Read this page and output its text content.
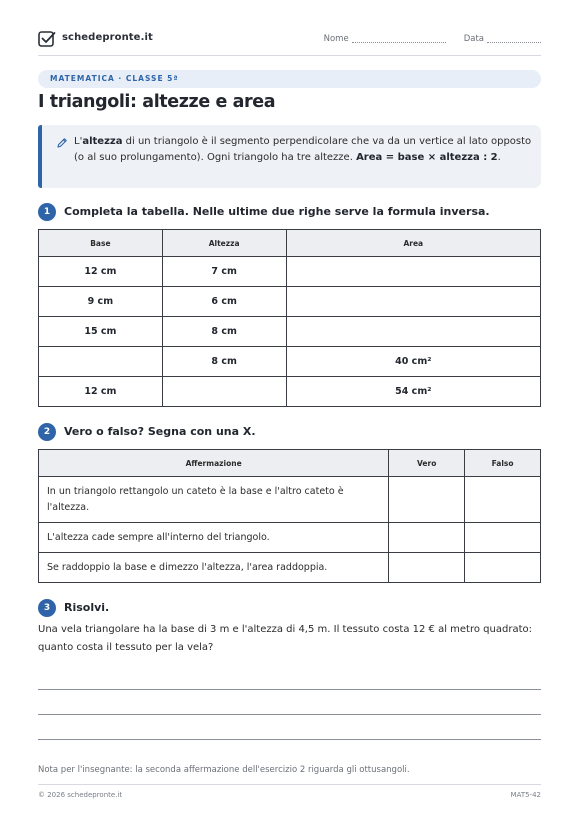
schedepronte.it	Nome	Data
MATEMATICA · CLASSE 5ª
I triangoli: altezze e area
L'altezza di un triangolo è il segmento perpendicolare che va da un vertice al lato opposto (o al suo prolungamento). Ogni triangolo ha tre altezze. Area = base × altezza : 2.
1	Completa la tabella. Nelle ultime due righe serve la formula inversa.
Base	Altezza	Area
12 cm	7 cm	
9 cm	6 cm	
15 cm	8 cm	
	8 cm	40 cm²
12 cm		54 cm²
2	Vero o falso? Segna con una X.
Affermazione	Vero	Falso
In un triangolo rettangolo un cateto è la base e l'altro cateto è l'altezza.		
L'altezza cade sempre all'interno del triangolo.		
Se raddoppio la base e dimezzo l'altezza, l'area raddoppia.		
3	Risolvi.
Una vela triangolare ha la base di 3 m e l'altezza di 4,5 m. Il tessuto costa 12 € al metro quadrato: quanto costa il tessuto per la vela?
Nota per l'insegnante: la seconda affermazione dell'esercizio 2 riguarda gli ottusangoli.
© 2026 schedepronte.it	MAT5-42
